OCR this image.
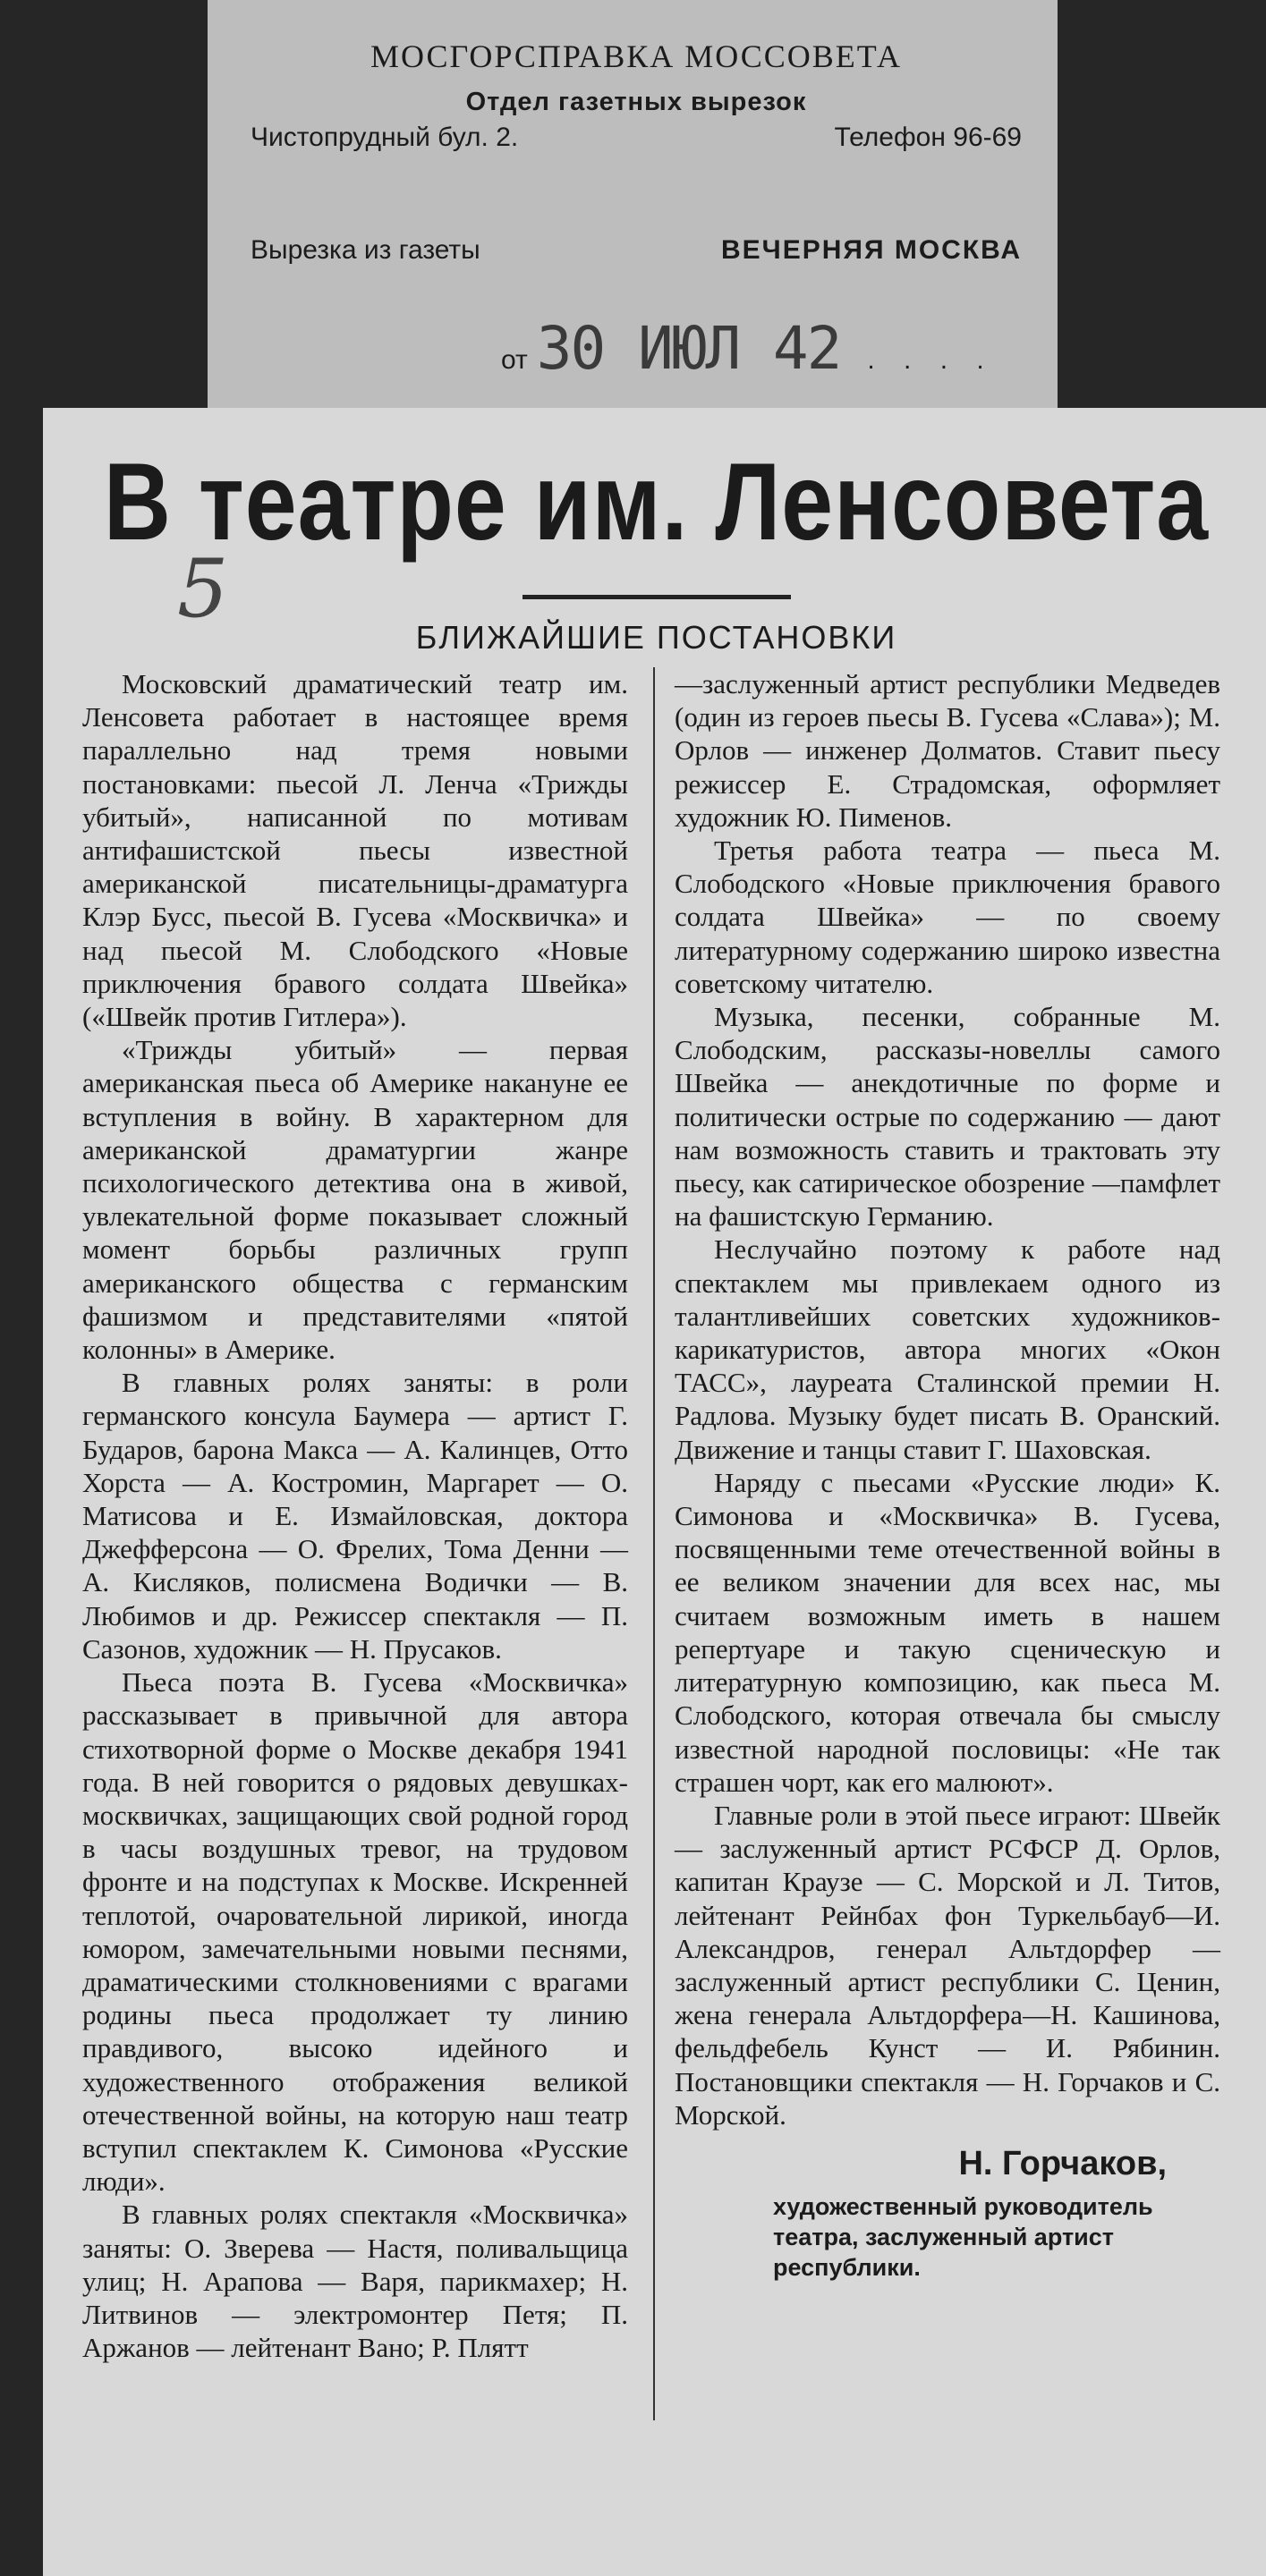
МОСГОРСПРАВКА МОССОВЕТА
Отдел газетных вырезок
Чистопрудный бул. 2.	Телефон 96-69
Вырезка из газеты	ВЕЧЕРНЯЯ МОСКВА
от 30 ИЮЛ 42 . . . .
В театре им. Ленсовета
5
БЛИЖАЙШИЕ ПОСТАНОВКИ

Московский драматический театр им. Ленсовета работает в настоящее время параллельно над тремя новыми постановками: пьесой Л. Ленча «Трижды убитый», написанной по мотивам антифашистской пьесы известной американской писательницы-драматурга Клэр Бусс, пьесой В. Гусева «Москвичка» и над пьесой М. Слободского «Новые приключения бравого солдата Швейка» («Швейк против Гитлера»).

«Трижды убитый» — первая американская пьеса об Америке накануне ее вступления в войну. В характерном для американской драматургии жанре психологического детектива она в живой, увлекательной форме показывает сложный момент борьбы различных групп американского общества с германским фашизмом и представителями «пятой колонны» в Америке.

В главных ролях заняты: в роли германского консула Баумера — артист Г. Бударов, барона Макса — А. Калинцев, Отто Хорста — А. Костромин, Маргарет — О. Матисова и Е. Измайловская, доктора Джефферсона — О. Фрелих, Тома Денни — А. Кисляков, полисмена Водички — В. Любимов и др. Режиссер спектакля — П. Сазонов, художник — Н. Прусаков.

Пьеса поэта В. Гусева «Москвичка» рассказывает в привычной для автора стихотворной форме о Москве декабря 1941 года. В ней говорится о рядовых девушках-москвичках, защищающих свой родной город в часы воздушных тревог, на трудовом фронте и на подступах к Москве. Искренней теплотой, очаровательной лирикой, иногда юмором, замечательными новыми песнями, драматическими столкновениями с врагами родины пьеса продолжает ту линию правдивого, высоко идейного и художественного отображения великой отечественной войны, на которую наш театр вступил спектаклем К. Симонова «Русские люди».

В главных ролях спектакля «Москвичка» заняты: О. Зверева — Настя, поливальщица улиц; Н. Арапова — Варя, парикмахер; Н. Литвинов — электромонтер Петя; П. Аржанов — лейтенант Вано; Р. Плятт

—заслуженный артист республики Медведев (один из героев пьесы В. Гусева «Слава»); М. Орлов — инженер Долматов. Ставит пьесу режиссер Е. Страдомская, оформляет художник Ю. Пименов.

Третья работа театра — пьеса М. Слободского «Новые приключения бравого солдата Швейка» — по своему литературному содержанию широко известна советскому читателю.

Музыка, песенки, собранные М. Слободским, рассказы-новеллы самого Швейка — анекдотичные по форме и политически острые по содержанию — дают нам возможность ставить и трактовать эту пьесу, как сатирическое обозрение —памфлет на фашистскую Германию.

Неслучайно поэтому к работе над спектаклем мы привлекаем одного из талантливейших советских художников-карикатуристов, автора многих «Окон ТАСС», лауреата Сталинской премии Н. Радлова. Музыку будет писать В. Оранский. Движение и танцы ставит Г. Шаховская.

Наряду с пьесами «Русские люди» К. Симонова и «Москвичка» В. Гусева, посвященными теме отечественной войны в ее великом значении для всех нас, мы считаем возможным иметь в нашем репертуаре и такую сценическую и литературную композицию, как пьеса М. Слободского, которая отвечала бы смыслу известной народной пословицы: «Не так страшен чорт, как его малюют».

Главные роли в этой пьесе играют: Швейк — заслуженный артист РСФСР Д. Орлов, капитан Краузе — С. Морской и Л. Титов, лейтенант Рейнбах фон Туркельбауб—И. Александров, генерал Альтдорфер — заслуженный артист республики С. Ценин, жена генерала Альтдорфера—Н. Кашинова, фельдфебель Кунст — И. Рябинин. Постановщики спектакля — Н. Горчаков и С. Морской.

Н. Горчаков,
художественный руководитель театра, заслуженный артист республики.
